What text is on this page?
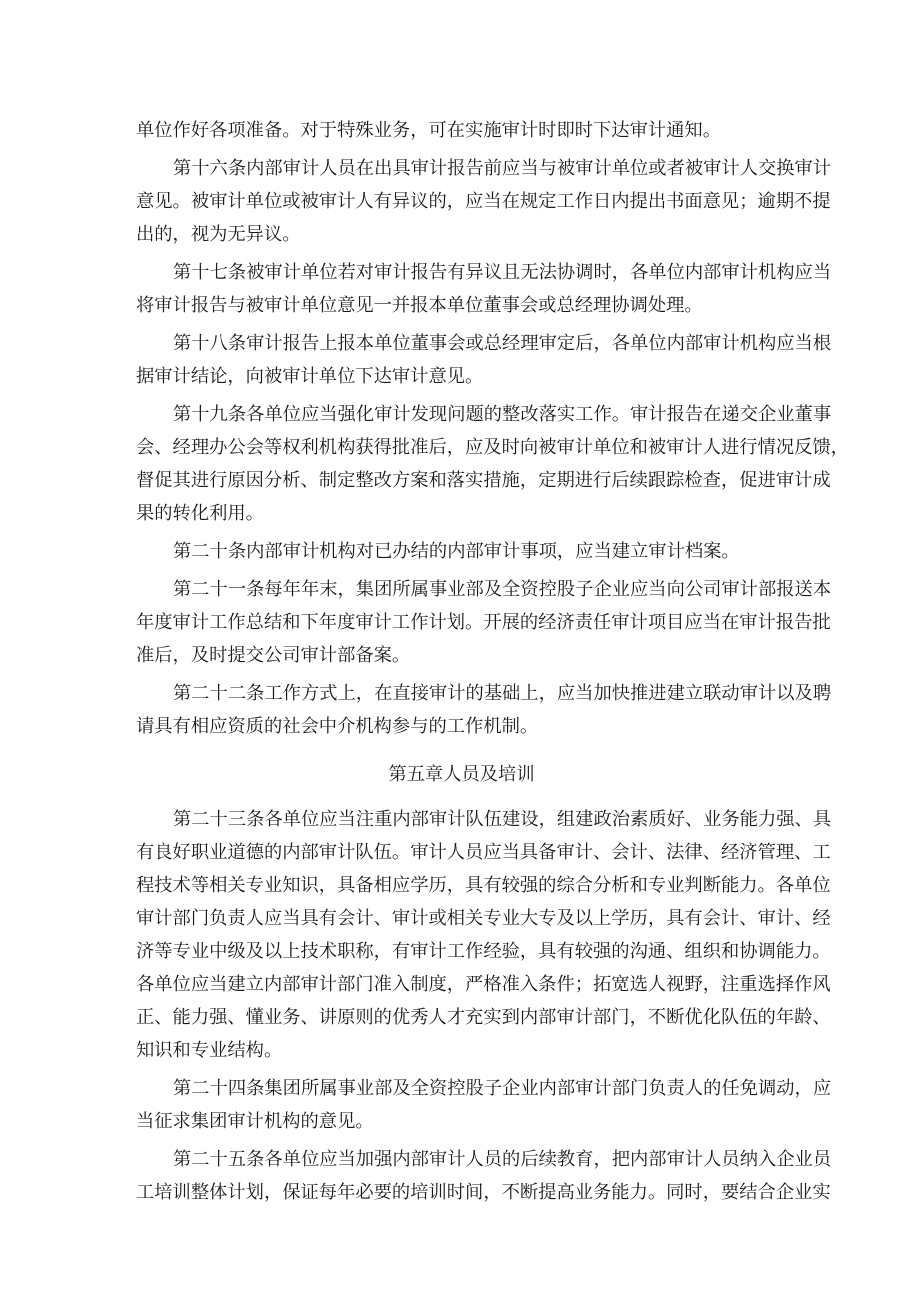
单位作好各项准备。对于特殊业务，可在实施审计时即时下达审计通知。
第十六条内部审计人员在出具审计报告前应当与被审计单位或者被审计人交换审计
意见。被审计单位或被审计人有异议的，应当在规定工作日内提出书面意见；逾期不提
出的，视为无异议。
第十七条被审计单位若对审计报告有异议且无法协调时，各单位内部审计机构应当
将审计报告与被审计单位意见一并报本单位董事会或总经理协调处理。
第十八条审计报告上报本单位董事会或总经理审定后，各单位内部审计机构应当根
据审计结论，向被审计单位下达审计意见。
第十九条各单位应当强化审计发现问题的整改落实工作。审计报告在递交企业董事
会、经理办公会等权利机构获得批准后，应及时向被审计单位和被审计人进行情况反馈，
督促其进行原因分析、制定整改方案和落实措施，定期进行后续跟踪检查，促进审计成
果的转化利用。
第二十条内部审计机构对已办结的内部审计事项，应当建立审计档案。
第二十一条每年年末，集团所属事业部及全资控股子企业应当向公司审计部报送本
年度审计工作总结和下年度审计工作计划。开展的经济责任审计项目应当在审计报告批
准后，及时提交公司审计部备案。
第二十二条工作方式上，在直接审计的基础上，应当加快推进建立联动审计以及聘
请具有相应资质的社会中介机构参与的工作机制。
第五章人员及培训
第二十三条各单位应当注重内部审计队伍建设，组建政治素质好、业务能力强、具
有良好职业道德的内部审计队伍。审计人员应当具备审计、会计、法律、经济管理、工
程技术等相关专业知识，具备相应学历，具有较强的综合分析和专业判断能力。各单位
审计部门负责人应当具有会计、审计或相关专业大专及以上学历，具有会计、审计、经
济等专业中级及以上技术职称，有审计工作经验，具有较强的沟通、组织和协调能力。
各单位应当建立内部审计部门准入制度，严格准入条件；拓宽选人视野，注重选择作风
正、能力强、懂业务、讲原则的优秀人才充实到内部审计部门，不断优化队伍的年龄、
知识和专业结构。
第二十四条集团所属事业部及全资控股子企业内部审计部门负责人的任免调动，应
当征求集团审计机构的意见。
第二十五条各单位应当加强内部审计人员的后续教育，把内部审计人员纳入企业员
工培训整体计划，保证每年必要的培训时间，不断提高业务能力。同时，要结合企业实
